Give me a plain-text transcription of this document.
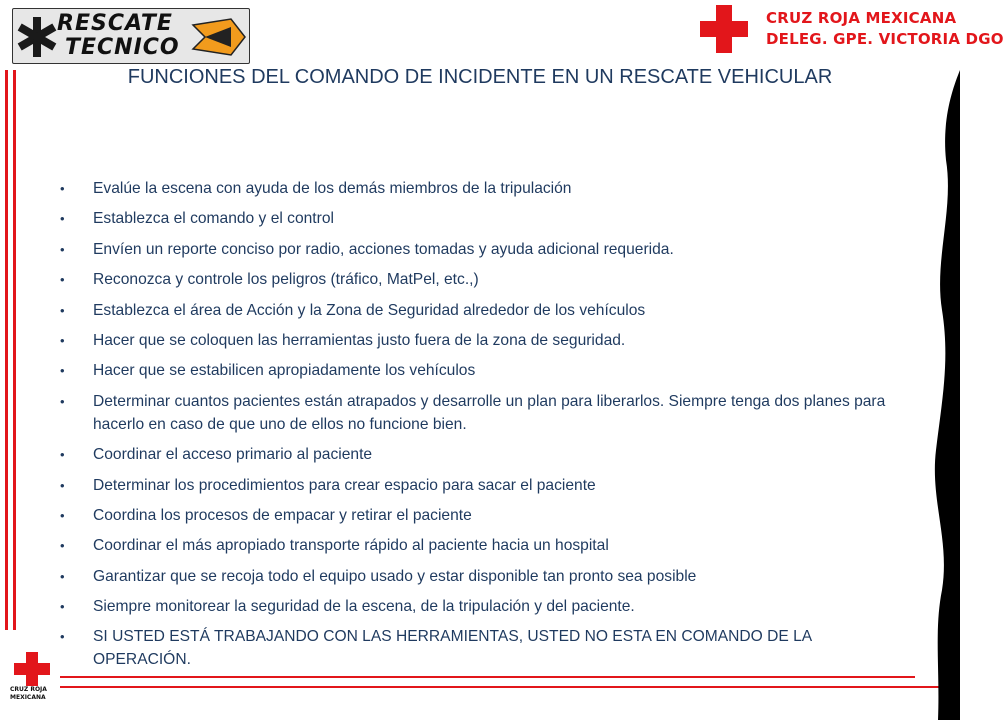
RESCATE
TECNICO
CRUZ ROJA MEXICANA
DELEG. GPE. VICTORIA DGO
CRUZ ROJA
MEXICANA
FUNCIONES DEL COMANDO DE INCIDENTE EN UN RESCATE VEHICULAR
•	Evalúe la escena con ayuda de los demás miembros de la tripulación
•	Establezca el comando y el control
•	Envíen un reporte conciso por radio, acciones tomadas y ayuda adicional requerida.
•	Reconozca y controle los peligros (tráfico, MatPel, etc.,)
•	Establezca el área de Acción y la Zona de Seguridad alrededor de los vehículos
•	Hacer que se coloquen las herramientas justo fuera de la zona de seguridad.
•	Hacer que se estabilicen apropiadamente los vehículos
•	Determinar cuantos pacientes están atrapados y desarrolle un plan para liberarlos. Siempre tenga dos planes para hacerlo en caso de que uno de ellos no funcione bien.
•	Coordinar el acceso primario al paciente
•	Determinar los procedimientos para crear espacio para sacar el paciente
•	Coordina los procesos de empacar y retirar el paciente
•	Coordinar el más apropiado transporte rápido al paciente hacia un hospital
•	Garantizar que se recoja todo el equipo usado y estar disponible tan pronto sea posible
•	Siempre monitorear la seguridad de la escena, de la tripulación y del paciente.
•	SI USTED ESTÁ TRABAJANDO CON LAS HERRAMIENTAS, USTED NO ESTA EN COMANDO DE LA OPERACIÓN.
